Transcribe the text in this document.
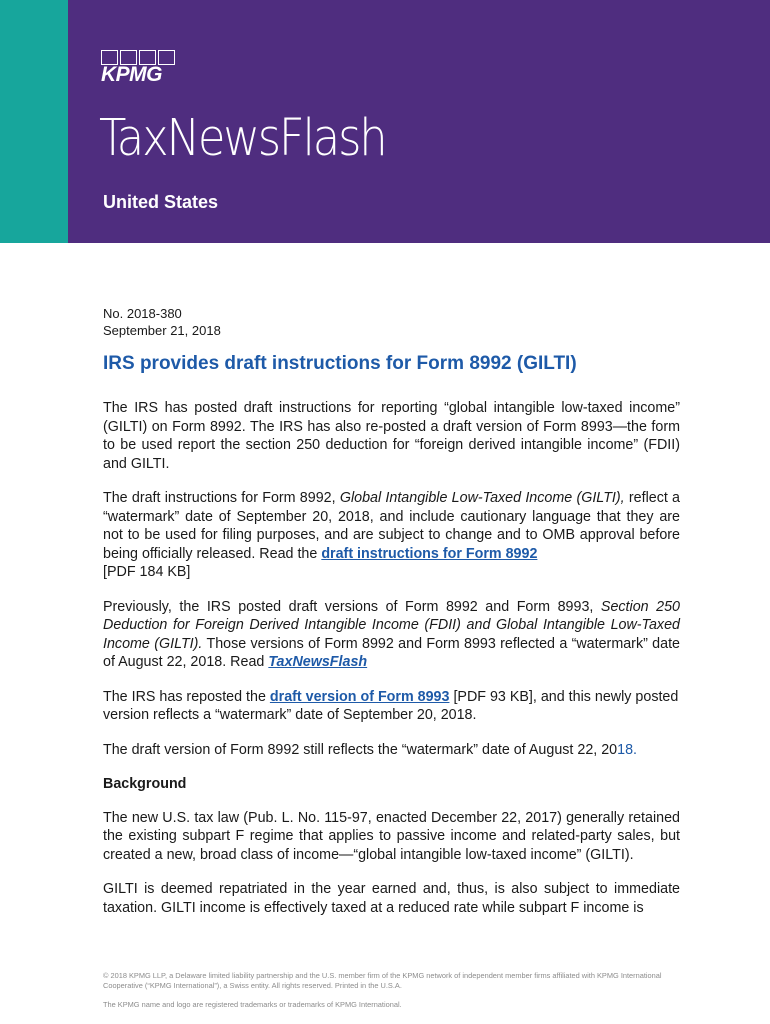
KPMG
TaxNewsFlash
United States
No. 2018-380
September 21, 2018
IRS provides draft instructions for Form 8992 (GILTI)

The IRS has posted draft instructions for reporting “global intangible low-taxed income” (GILTI) on Form 8992. The IRS has also re-posted a draft version of Form 8993—the form to be used report the section 250 deduction for “foreign derived intangible income” (FDII) and GILTI.

The draft instructions for Form 8992, Global Intangible Low-Taxed Income (GILTI), reflect a “watermark” date of September 20, 2018, and include cautionary language that they are not to be used for filing purposes, and are subject to change and to OMB approval before being officially released. Read the draft instructions for Form 8992
[PDF 184 KB]

Previously, the IRS posted draft versions of Form 8992 and Form 8993, Section 250 Deduction for Foreign Derived Intangible Income (FDII) and Global Intangible Low-Taxed Income (GILTI). Those versions of Form 8992 and Form 8993 reflected a “watermark” date of August 22, 2018. Read TaxNewsFlash

The IRS has reposted the draft version of Form 8993 [PDF 93 KB], and this newly posted version reflects a “watermark” date of September 20, 2018.

The draft version of Form 8992 still reflects the “watermark” date of August 22, 2018.

Background

The new U.S. tax law (Pub. L. No. 115-97, enacted December 22, 2017) generally retained the existing subpart F regime that applies to passive income and related-party sales, but created a new, broad class of income—“global intangible low-taxed income” (GILTI).

GILTI is deemed repatriated in the year earned and, thus, is also subject to immediate taxation. GILTI income is effectively taxed at a reduced rate while subpart F income is

© 2018 KPMG LLP, a Delaware limited liability partnership and the U.S. member firm of the KPMG network of independent member firms affiliated with KPMG International Cooperative (“KPMG International”), a Swiss entity. All rights reserved. Printed in the U.S.A.

The KPMG name and logo are registered trademarks or trademarks of KPMG International.
